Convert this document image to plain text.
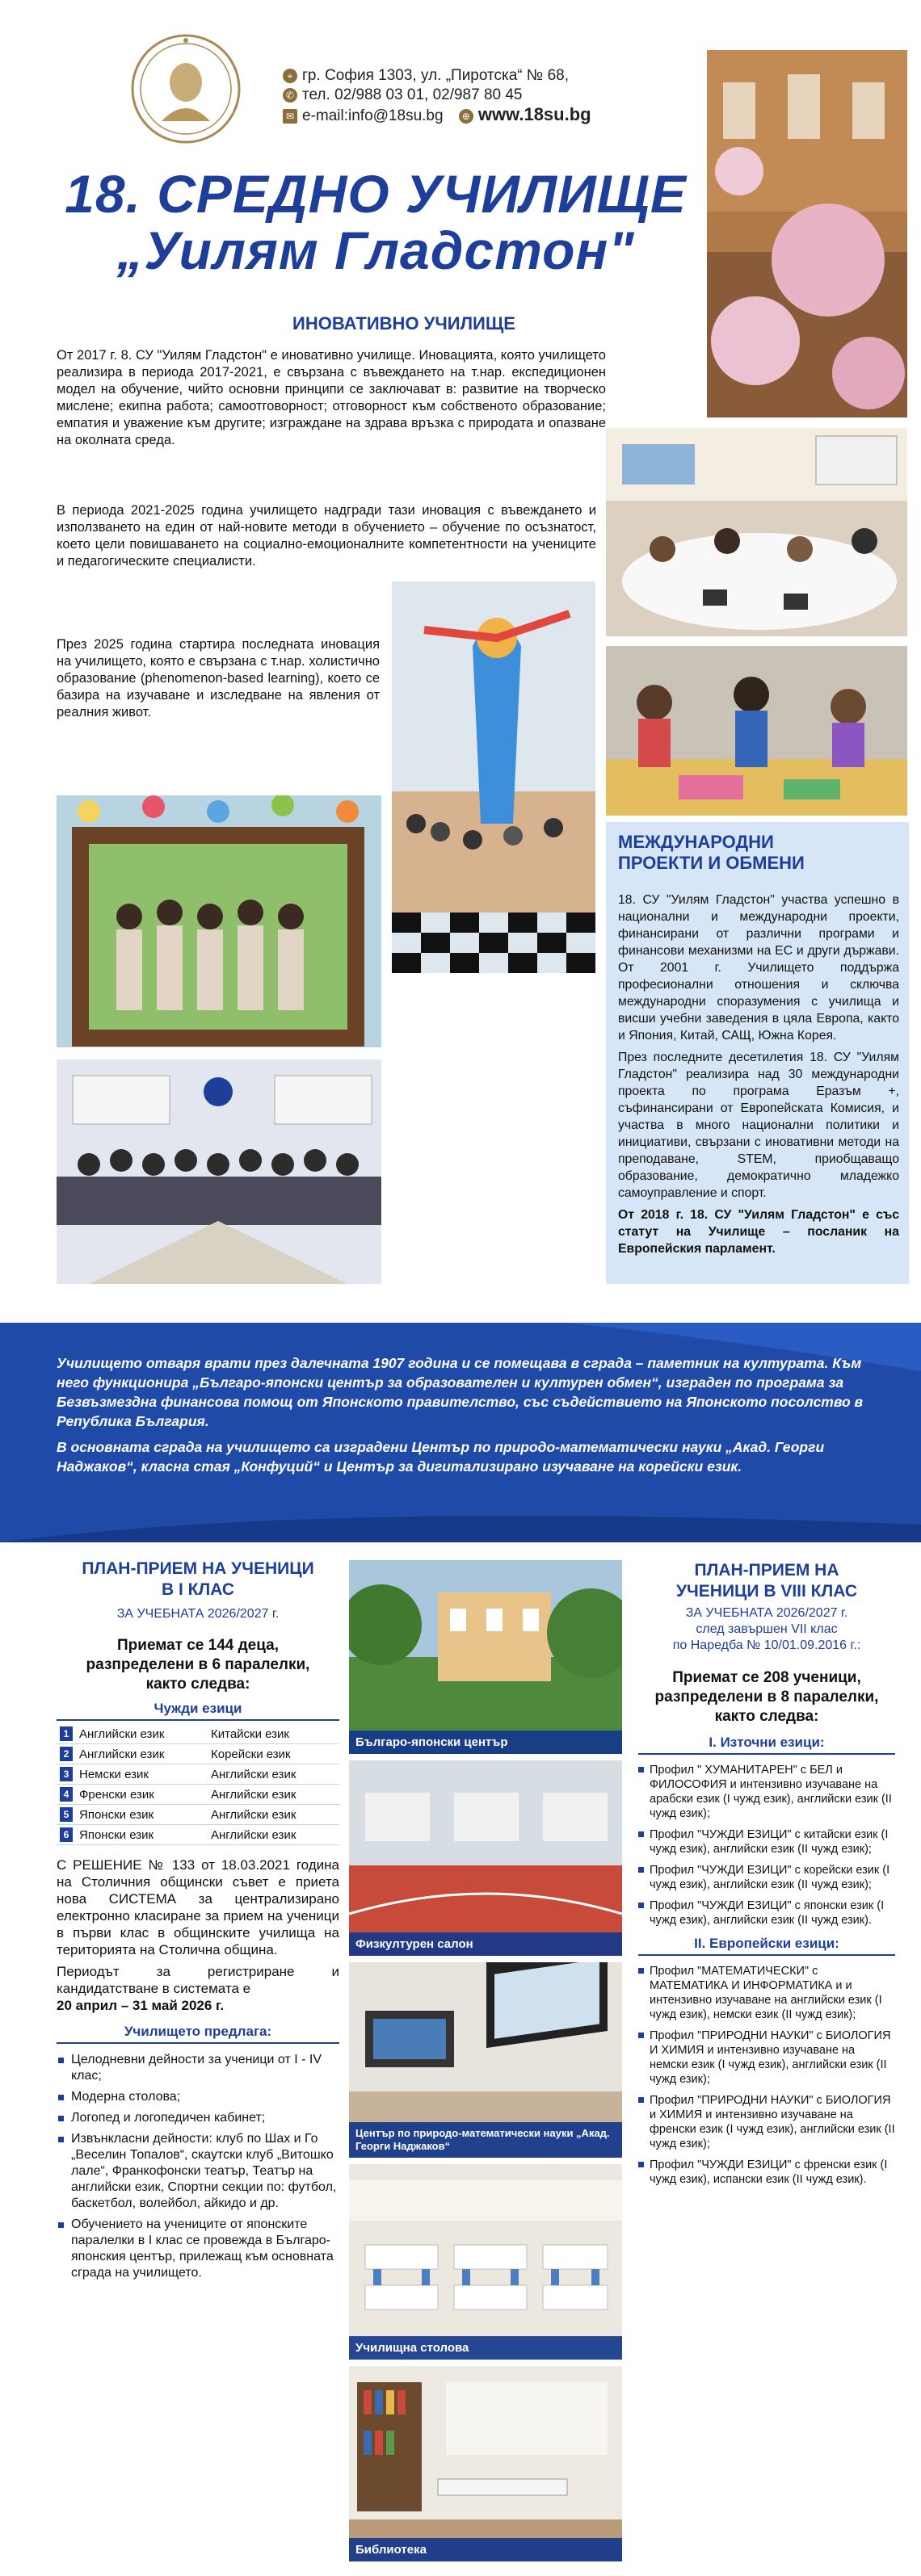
⌖ гр. София 1303, ул. „Пиротска“ № 68,
✆ тел. 02/988 03 01, 02/987 80 45
✉ e-mail:info@18su.bg ⊕ www.18su.bg
18. СРЕДНО УЧИЛИЩЕ
„Уилям Гладстон"
ИНОВАТИВНО УЧИЛИЩЕ

От 2017 г. 8. СУ "Уилям Гладстон" е иновативно училище. Иновацията, която училището реализира в периода 2017-2021, е свързана с въвеждането на т.нар. експедиционен модел на обучение, чийто основни принципи се заключават в: развитие на творческо мислене; екипна работа; самоотговорност; отговорност към собственото образование; емпатия и уважение към другите; изграждане на здрава връзка с природата и опазване на околната среда.

В периода 2021-2025 година училището надгради тази иновация с въвеждането и използването на един от най-новите методи в обучението – обучение по осъзнатост, което цели повишаването на социално-емоционалните компетентности на учениците и педагогическите специалисти.

През 2025 година стартира последната иновация на училището, която е свързана с т.нар. холистично образование (phenomenon-based learning), което се базира на изучаване и изследване на явления от реалния живот.

МЕЖДУНАРОДНИ
ПРОЕКТИ И ОБМЕНИ

18. СУ "Уилям Гладстон" участва успешно в национални и международни проекти, финансирани от различни програми и финансови механизми на ЕС и други държави. От 2001 г. Училището поддържа професионални отношения и сключва международни споразумения с училища и висши учебни заведения в цяла Европа, както и Япония, Китай, САЩ, Южна Корея.

През последните десетилетия 18. СУ "Уилям Гладстон" реализира над 30 международни проекта по програма Еразъм +, съфинансирани от Европейската Комисия, и участва в много национални политики и инициативи, свързани с иновативни методи на преподаване, STEM, приобщаващо образование, демократично младежко самоуправление и спорт.

От 2018 г. 18. СУ "Уилям Гладстон" е със статут на Училище – посланик на Европейския парламент.

Училището отваря врати през далечната 1907 година и се помещава в сграда – паметник на културата. Към него функционира „Българо-японски център за образователен и културен обмен“, изграден по програма за Безвъзмездна финансова помощ от Японското правителство, със съдействието на Японското посолство в Република България.

В основната сграда на училището са изградени Център по природо-математически науки „Акад. Георги Наджаков“, класна стая „Конфуций“ и Център за дигитализирано изучаване на корейски език.

ПЛАН-ПРИЕМ НА УЧЕНИЦИ
В I КЛАС
ЗА УЧЕБНАТА 2026/2027 г.
Приемат се 144 деца,
разпределени в 6 паралелки,
както следва:
Чужди езици
1	Английски език	Китайски език
2	Английски език	Корейски език
3	Немски език	Английски език
4	Френски език	Английски език
5	Японски език	Английски език
6	Японски език	Английски език

С РЕШЕНИЕ № 133 от 18.03.2021 година на Столичния общински съвет е приета нова СИСТЕМА за централизирано електронно класиране за прием на ученици в първи клас в общинските училища на територията на Столична община.

Периодът за регистриране и кандидатстване в системата е
20 април – 31 май 2026 г.

Училището предлага:
Целодневни дейности за ученици от I - IV клас;
Модерна столова;
Логопед и логопедичен кабинет;
Извънкласни дейности: клуб по Шах и Го „Веселин Топалов“, скаутски клуб „Витошко лале“, Франкофонски театър, Театър на английски език, Спортни секции по: футбол, баскетбол, волейбол, айкидо и др.
Обучението на учениците от японските паралелки в I клас се провежда в Българо-японския център, прилежащ към основната сграда на училището.
Българо-японски център
Физкултурен салон
Център по природо-математически науки „Акад. Георги Наджаков“
Училищна столова
Библиотека
ПЛАН-ПРИЕМ НА
УЧЕНИЦИ В VIII КЛАС
ЗА УЧЕБНАТА 2026/2027 г.
след завършен VII клас
по Наредба № 10/01.09.2016 г.:
Приемат се 208 ученици,
разпределени в 8 паралелки,
както следва:
I. Източни езици:
Профил " ХУМАНИТАРЕН" с БЕЛ и ФИЛОСОФИЯ и интензивно изучаване на арабски език (I чужд език), английски език (II чужд език);
Профил "ЧУЖДИ ЕЗИЦИ" с китайски език (I чужд език), английски език (II чужд език);
Профил "ЧУЖДИ ЕЗИЦИ" с корейски език (I чужд език), английски език (II чужд език);
Профил "ЧУЖДИ ЕЗИЦИ" с японски език (I чужд език), английски език (II чужд език).
II. Европейски езици:
Профил "МАТЕМАТИЧЕСКИ" с МАТЕМАТИКА И ИНФОРМАТИКА и и интензивно изучаване на английски език (I чужд език), немски език (II чужд език);
Профил "ПРИРОДНИ НАУКИ" с БИОЛОГИЯ И ХИМИЯ и интензивно изучаване на немски език (I чужд език), английски език (II чужд език);
Профил "ПРИРОДНИ НАУКИ" с БИОЛОГИЯ и ХИМИЯ и интензивно изучаване на френски език (I чужд език), английски език (II чужд език);
Профил "ЧУЖДИ ЕЗИЦИ" с френски език (I чужд език), испански език (II чужд език).
